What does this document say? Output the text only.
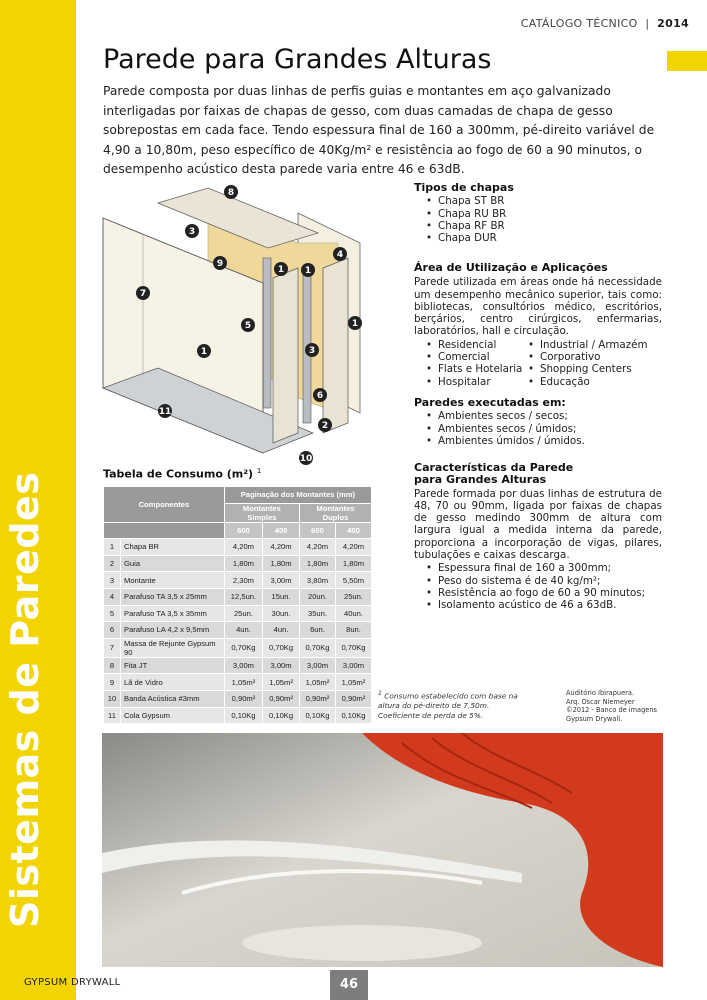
Sistemas de Paredes
CATÁLOGO TÉCNICO | 2014
Parede para Grandes Alturas
Parede composta por duas linhas de perfis guias e montantes em aço galvanizado interligadas por faixas de chapas de gesso, com duas camadas de chapa de gesso sobrepostas em cada face. Tendo espessura final de 160 a 300mm, pé-direito variável de 4,90 a 10,80m, peso específico de 40Kg/m² e resistência ao fogo de 60 a 90 minutos, o desempenho acústico desta parede varia entre 46 e 63dB.
8
3
9
1
4
7
5
1
1
3
6
2
11
10
1
Tipos de chapas
• Chapa ST BR
• Chapa RU BR
• Chapa RF BR
• Chapa DUR
Área de Utilização e Aplicações
Parede utilizada em áreas onde há necessidade um desempenho mecânico superior, tais como: bibliotecas, consultórios médico, escritórios, berçários, centro cirúrgicos, enfermarias, laboratórios, hall e circulação.
• Residencial
• Comercial
• Flats e Hotelaria
• Hospitalar
• Industrial / Armazém
• Corporativo
• Shopping Centers
• Educação
Paredes executadas em:
• Ambientes secos / secos;
• Ambientes secos / úmidos;
• Ambientes úmidos / úmidos.
Características da Parede
para Grandes Alturas
Parede formada por duas linhas de estrutura de 48, 70 ou 90mm, ligada por faixas de chapas de gesso medindo 300mm de altura com largura igual a medida interna da parede, proporciona a incorporação de vigas, pilares, tubulações e caixas descarga.
• Espessura final de 160 a 300mm;
• Peso do sistema é de 40 kg/m²;
• Resistência ao fogo de 60 a 90 minutos;
• Isolamento acústico de 46 a 63dB.
Tabela de Consumo (m²) $^1$
Componentes		Paginação dos Montantes (mm)			
		Montantes Simples		Montantes Duplos	
		600	400	600	400
1	Chapa BR	4,20m	4,20m	4,20m	4,20m
2	Guia	1,80m	1,80m	1,80m	1,80m
3	Montante	2,30m	3,00m	3,80m	5,50m
4	Parafuso TA 3,5 x 25mm	12,5un.	15un.	20un.	25un.
5	Parafuso TA 3,5 x 35mm	25un.	30un.	35un.	40un.
6	Parafuso LA 4,2 x 9,5mm	4un.	4un.	6un.	8un.
7	Massa de Rejunte Gypsum 90	0,70Kg	0,70Kg	0,70Kg	0,70Kg
8	Fita JT	3,00m	3,00m	3,00m	3,00m
9	Lã de Vidro	1,05m²	1,05m²	1,05m²	1,05m²
10	Banda Acústica #3mm	0,90m²	0,90m²	0,90m²	0,90m²
11	Cola Gypsum	0,10Kg	0,10Kg	0,10Kg	0,10Kg
$^1$ Consumo estabelecido com base na altura do pé-direito de 7,50m. Coeficiente de perda de 5%.
Auditório Ibirapuera.
Arq. Oscar Niemeyer
©2012 - Banco de imagens
Gypsum Drywall.
GYPSUM DRYWALL	46
